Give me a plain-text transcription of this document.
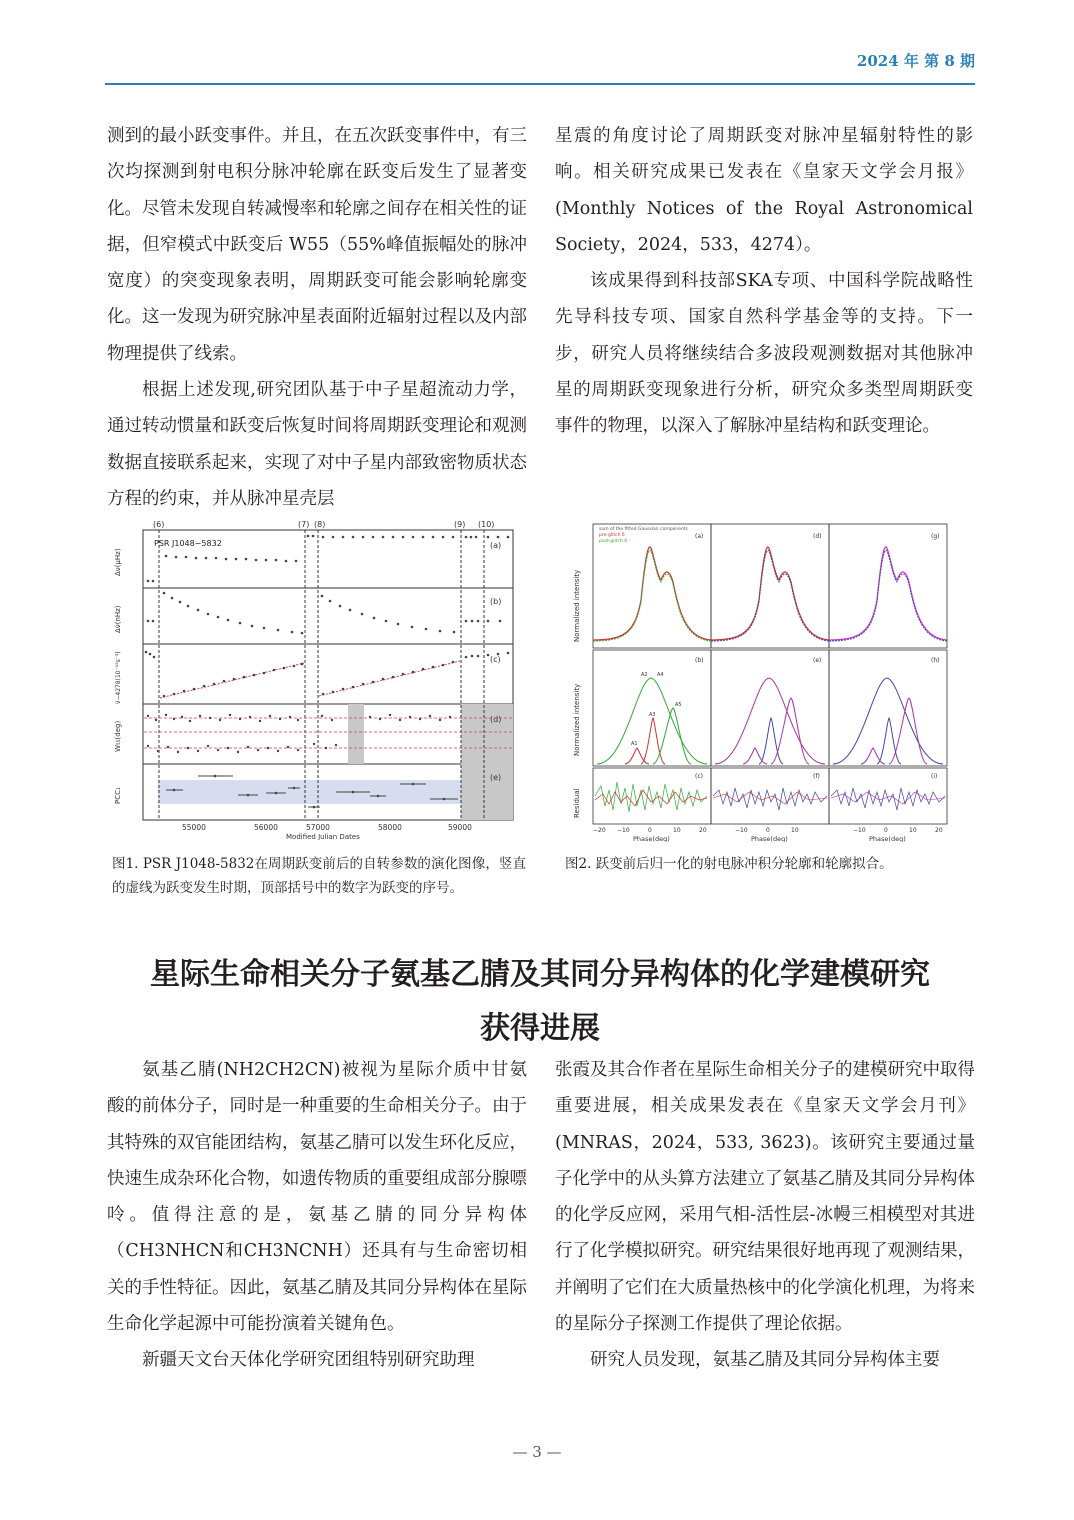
2024 年 第 8 期

测到的最小跃变事件。并且，在五次跃变事件中，有三次均探测到射电积分脉冲轮廓在跃变后发生了显著变化。尽管未发现自转减慢率和轮廓之间存在相关性的证据，但窄模式中跃变后 W55（55%峰值振幅处的脉冲宽度）的突变现象表明，周期跃变可能会影响轮廓变化。这一发现为研究脉冲星表面附近辐射过程以及内部物理提供了线索。

根据上述发现,研究团队基于中子星超流动力学，通过转动惯量和跃变后恢复时间将周期跃变理论和观测数据直接联系起来，实现了对中子星内部致密物质状态方程的约束，并从脉冲星壳层

星震的角度讨论了周期跃变对脉冲星辐射特性的影响。相关研究成果已发表在《皇家天文学会月报》(Monthly Notices of the Royal Astronomical Society，2024，533，4274）。

该成果得到科技部SKA专项、中国科学院战略性先导科技专项、国家自然科学基金等的支持。下一步，研究人员将继续结合多波段观测数据对其他脉冲星的周期跃变现象进行分析，研究众多类型周期跃变事件的物理，以深入了解脉冲星结构和跃变理论。

(6)	(7) (8)	(9) (10)
PSR J1048−5832	(a)
(b)
(c)
(d)
(e)
Δν(μHz)
Δν̇(nHz)
ν̈−4278(10⁻¹⁵s⁻³)
W₅₅(deg)
PCC₁
55000	56000	57000	58000	59000
Modified Julian Dates
图1. PSR J1048-5832在周期跃变前后的自转参数的演化图像，竖直的虚线为跃变发生时期，顶部括号中的数字为跃变的序号。
Normalized intensity
Normalized intensity
Residual
sum of the fitted Gaussian components
pre-glitch 6
post-glitch 6
A1
A2
A3
A4
A5
(a)	(d)	(g)
(b)	(e)	(h)
(c)	(f)	(i)
−20 −10	0	10	20	−10	0	10	−10	0	10	20
Phase(deg)	Phase(deg)	Phase(deg)
图2. 跃变前后归一化的射电脉冲积分轮廓和轮廓拟合。
星际生命相关分子氨基乙腈及其同分异构体的化学建模研究
获得进展

氨基乙腈(NH2CH2CN)被视为星际介质中甘氨酸的前体分子，同时是一种重要的生命相关分子。由于其特殊的双官能团结构，氨基乙腈可以发生环化反应，快速生成杂环化合物，如遗传物质的重要组成部分腺嘌呤。值得注意的是，氨基乙腈的同分异构体（CH3NHCN和CH3NCNH）还具有与生命密切相关的手性特征。因此，氨基乙腈及其同分异构体在星际生命化学起源中可能扮演着关键角色。

新疆天文台天体化学研究团组特别研究助理

张霞及其合作者在星际生命相关分子的建模研究中取得重要进展，相关成果发表在《皇家天文学会月刊》(MNRAS，2024，533, 3623)。该研究主要通过量子化学中的从头算方法建立了氨基乙腈及其同分异构体的化学反应网，采用气相-活性层-冰幔三相模型对其进行了化学模拟研究。研究结果很好地再现了观测结果，并阐明了它们在大质量热核中的化学演化机理，为将来的星际分子探测工作提供了理论依据。

研究人员发现，氨基乙腈及其同分异构体主要

— 3 —
